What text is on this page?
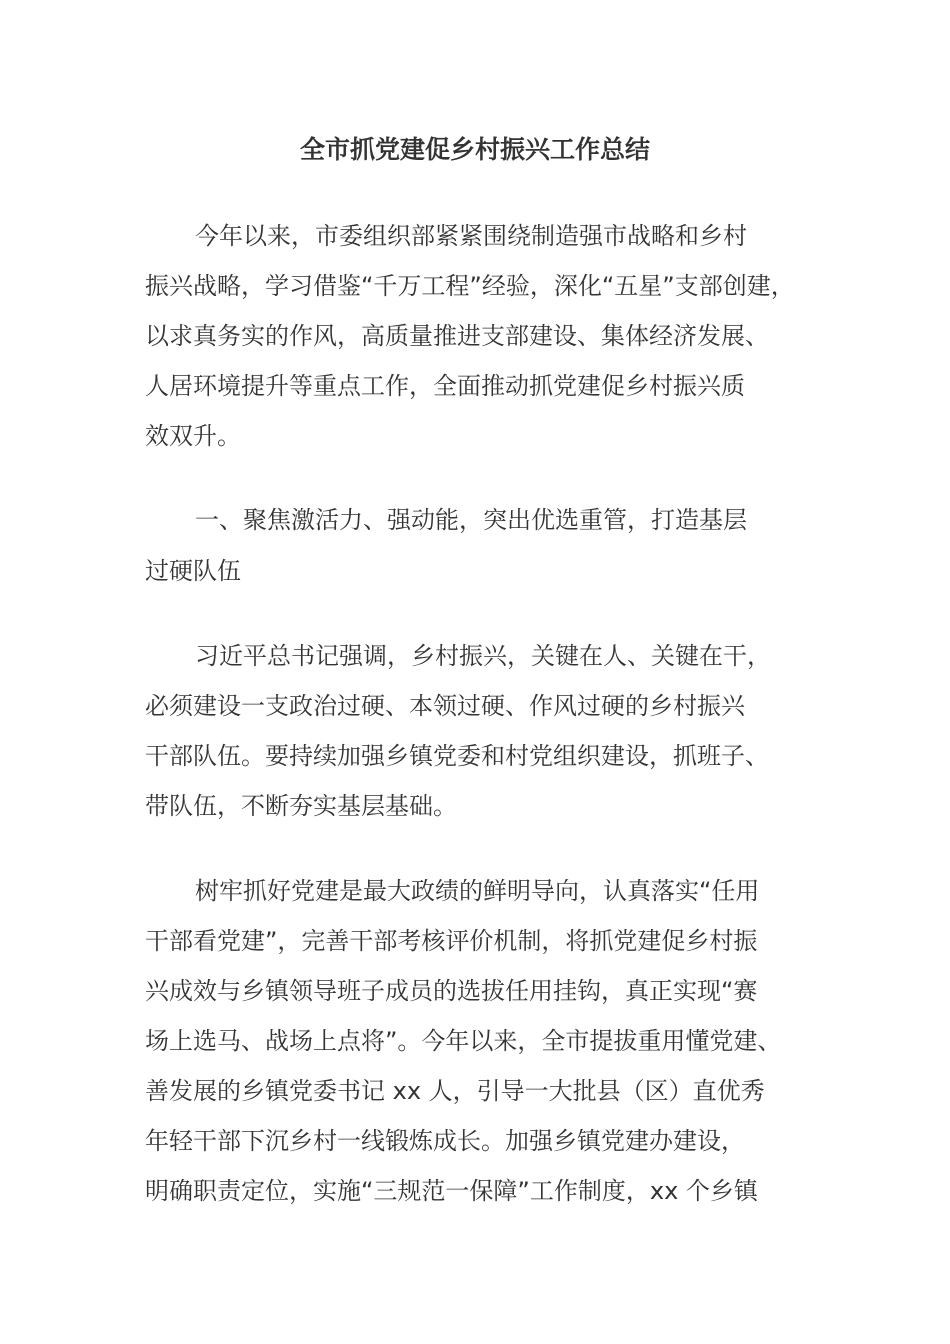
全市抓党建促乡村振兴工作总结

今年以来，市委组织部紧紧围绕制造强市战略和乡村

振兴战略，学习借鉴“千万工程”经验，深化“五星”支部创建，

以求真务实的作风，高质量推进支部建设、集体经济发展、

人居环境提升等重点工作，全面推动抓党建促乡村振兴质

效双升。

一、聚焦激活力、强动能，突出优选重管，打造基层

过硬队伍

习近平总书记强调，乡村振兴，关键在人、关键在干，

必须建设一支政治过硬、本领过硬、作风过硬的乡村振兴

干部队伍。要持续加强乡镇党委和村党组织建设，抓班子、

带队伍，不断夯实基层基础。

树牢抓好党建是最大政绩的鲜明导向，认真落实“任用

干部看党建”，完善干部考核评价机制，将抓党建促乡村振

兴成效与乡镇领导班子成员的选拔任用挂钩，真正实现“赛

场上选马、战场上点将”。今年以来，全市提拔重用懂党建、

善发展的乡镇党委书记 xx 人，引导一大批县（区）直优秀

年轻干部下沉乡村一线锻炼成长。加强乡镇党建办建设，

明确职责定位，实施“三规范一保障”工作制度，xx 个乡镇
